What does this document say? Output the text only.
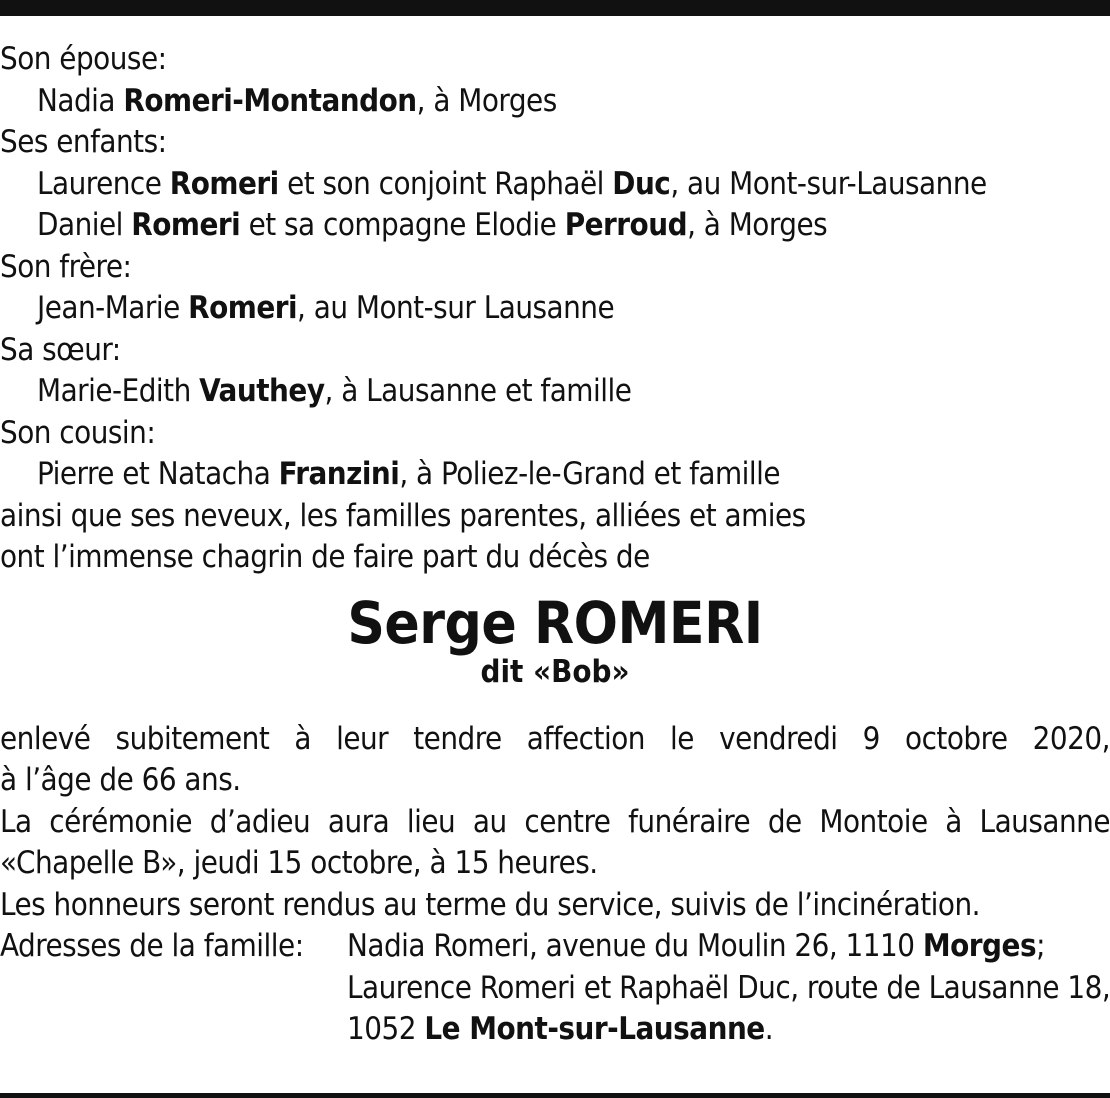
Son épouse:
Nadia Romeri-Montandon, à Morges
Ses enfants:
Laurence Romeri et son conjoint Raphaël Duc, au Mont-sur-Lausanne
Daniel Romeri et sa compagne Elodie Perroud, à Morges
Son frère:
Jean-Marie Romeri, au Mont-sur Lausanne
Sa sœur:
Marie-Edith Vauthey, à Lausanne et famille
Son cousin:
Pierre et Natacha Franzini, à Poliez-le-Grand et famille
ainsi que ses neveux, les familles parentes, alliées et amies
ont l’immense chagrin de faire part du décès de
Serge ROMERI
dit «Bob»
enlevé subitement à leur tendre affection le vendredi 9 octobre 2020,
à l’âge de 66 ans.
La cérémonie d’adieu aura lieu au centre funéraire de Montoie à Lausanne
«Chapelle B», jeudi 15 octobre, à 15 heures.
Les honneurs seront rendus au terme du service, suivis de l’incinération.
Adresses de la famille:	Nadia Romeri, avenue du Moulin 26, 1110 Morges;
Laurence Romeri et Raphaël Duc, route de Lausanne 18,
1052 Le Mont-sur-Lausanne.
